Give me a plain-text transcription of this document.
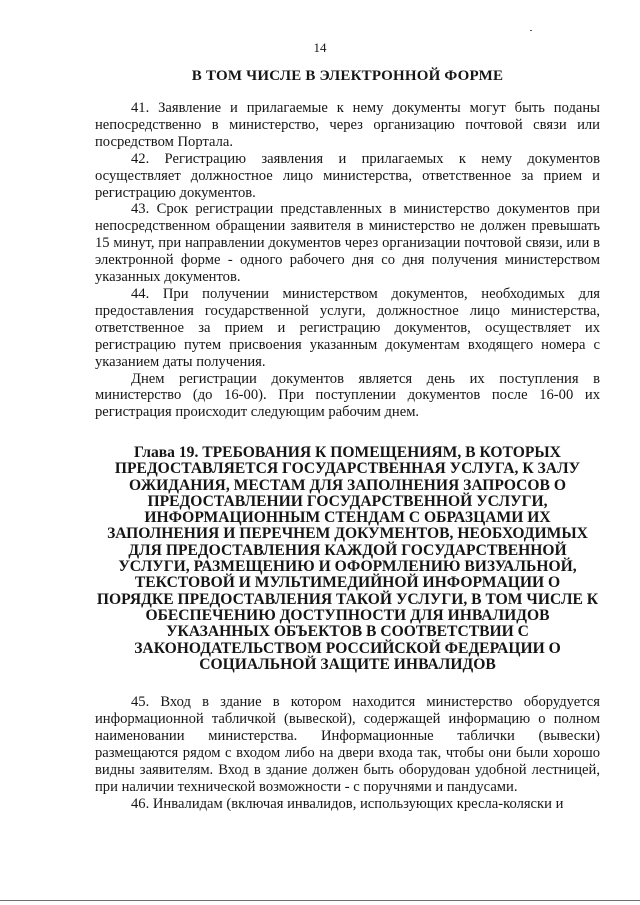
14
В ТОМ ЧИСЛЕ В ЭЛЕКТРОННОЙ ФОРМЕ

41. Заявление и прилагаемые к нему документы могут быть поданы непосредственно в министерство, через организацию почтовой связи или посредством Портала.

42. Регистрацию заявления и прилагаемых к нему документов осуществляет должностное лицо министерства, ответственное за прием и регистрацию документов.

43. Срок регистрации представленных в министерство документов при непосредственном обращении заявителя в министерство не должен превышать 15 минут, при направлении документов через организации почтовой связи, или в электронной форме - одного рабочего дня со дня получения министерством указанных документов.

44. При получении министерством документов, необходимых для предоставления государственной услуги, должностное лицо министерства, ответственное за прием и регистрацию документов, осуществляет их регистрацию путем присвоения указанным документам входящего номера с указанием даты получения.

Днем регистрации документов является день их поступления в министерство (до 16-00). При поступлении документов после 16-00 их регистрация происходит следующим рабочим днем.

Глава 19. ТРЕБОВАНИЯ К ПОМЕЩЕНИЯМ, В КОТОРЫХ ПРЕДОСТАВЛЯЕТСЯ ГОСУДАРСТВЕННАЯ УСЛУГА, К ЗАЛУ ОЖИДАНИЯ, МЕСТАМ ДЛЯ ЗАПОЛНЕНИЯ ЗАПРОСОВ О ПРЕДОСТАВЛЕНИИ ГОСУДАРСТВЕННОЙ УСЛУГИ, ИНФОРМАЦИОННЫМ СТЕНДАМ С ОБРАЗЦАМИ ИХ ЗАПОЛНЕНИЯ И ПЕРЕЧНЕМ ДОКУМЕНТОВ, НЕОБХОДИМЫХ ДЛЯ ПРЕДОСТАВЛЕНИЯ КАЖДОЙ ГОСУДАРСТВЕННОЙ УСЛУГИ, РАЗМЕЩЕНИЮ И ОФОРМЛЕНИЮ ВИЗУАЛЬНОЙ, ТЕКСТОВОЙ И МУЛЬТИМЕДИЙНОЙ ИНФОРМАЦИИ О ПОРЯДКЕ ПРЕДОСТАВЛЕНИЯ ТАКОЙ УСЛУГИ, В ТОМ ЧИСЛЕ К ОБЕСПЕЧЕНИЮ ДОСТУПНОСТИ ДЛЯ ИНВАЛИДОВ УКАЗАННЫХ ОБЪЕКТОВ В СООТВЕТСТВИИ С ЗАКОНОДАТЕЛЬСТВОМ РОССИЙСКОЙ ФЕДЕРАЦИИ О СОЦИАЛЬНОЙ ЗАЩИТЕ ИНВАЛИДОВ

45. Вход в здание в котором находится министерство оборудуется информационной табличкой (вывеской), содержащей информацию о полном наименовании министерства. Информационные таблички (вывески) размещаются рядом с входом либо на двери входа так, чтобы они были хорошо видны заявителям. Вход в здание должен быть оборудован удобной лестницей, при наличии технической возможности - с поручнями и пандусами.

46. Инвалидам (включая инвалидов, использующих кресла-коляски и
